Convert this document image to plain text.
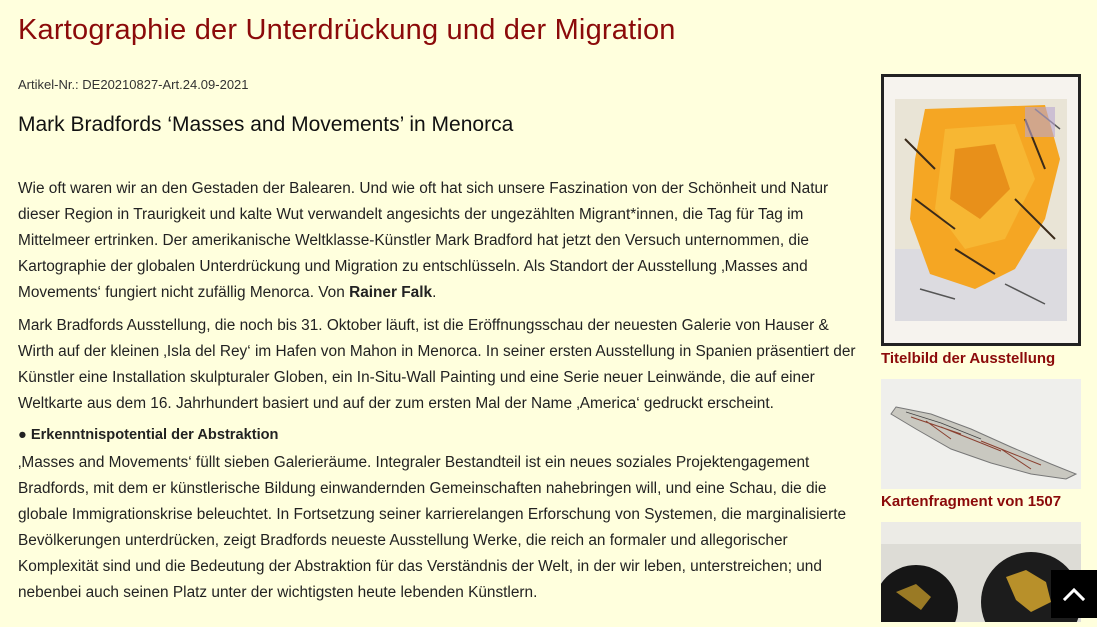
Kartographie der Unterdrückung und der Migration
Artikel-Nr.: DE20210827-Art.24.09-2021
Mark Bradfords ‘Masses and Movements’ in Menorca

Wie oft waren wir an den Gestaden der Balearen. Und wie oft hat sich unsere Faszination von der Schönheit und Natur dieser Region in Traurigkeit und kalte Wut verwandelt angesichts der ungezählten Migrant*innen, die Tag für Tag im Mittelmeer ertrinken. Der amerikanische Weltklasse-Künstler Mark Bradford hat jetzt den Versuch unternommen, die Kartographie der globalen Unterdrückung und Migration zu entschlüsseln. Als Standort der Ausstellung ‚Masses and Movements‘ fungiert nicht zufällig Menorca. Von Rainer Falk.

Mark Bradfords Ausstellung, die noch bis 31. Oktober läuft, ist die Eröffnungsschau der neuesten Galerie von Hauser & Wirth auf der kleinen ‚Isla del Rey‘ im Hafen von Mahon in Menorca. In seiner ersten Ausstellung in Spanien präsentiert der Künstler eine Installation skulpturaler Globen, ein In-Situ-Wall Painting und eine Serie neuer Leinwände, die auf einer Weltkarte aus dem 16. Jahrhundert basiert und auf der zum ersten Mal der Name ‚America‘ gedruckt erscheint.

● Erkenntnispotential der Abstraktion

‚Masses and Movements‘ füllt sieben Galerieräume. Integraler Bestandteil ist ein neues soziales Projektengagement Bradfords, mit dem er künstlerische Bildung einwandernden Gemeinschaften nahebringen will, und eine Schau, die die globale Immigrationskrise beleuchtet. In Fortsetzung seiner karrierelangen Erforschung von Systemen, die marginalisierte Bevölkerungen unterdrücken, zeigt Bradfords neueste Ausstellung Werke, die reich an formaler und allegorischer Komplexität sind und die Bedeutung der Abstraktion für das Verständnis der Welt, in der wir leben, unterstreichen; und nebenbei auch seinen Platz unter der wichtigsten heute lebenden Künstlern.

Titelbild der Ausstellung
Kartenfragment von 1507
